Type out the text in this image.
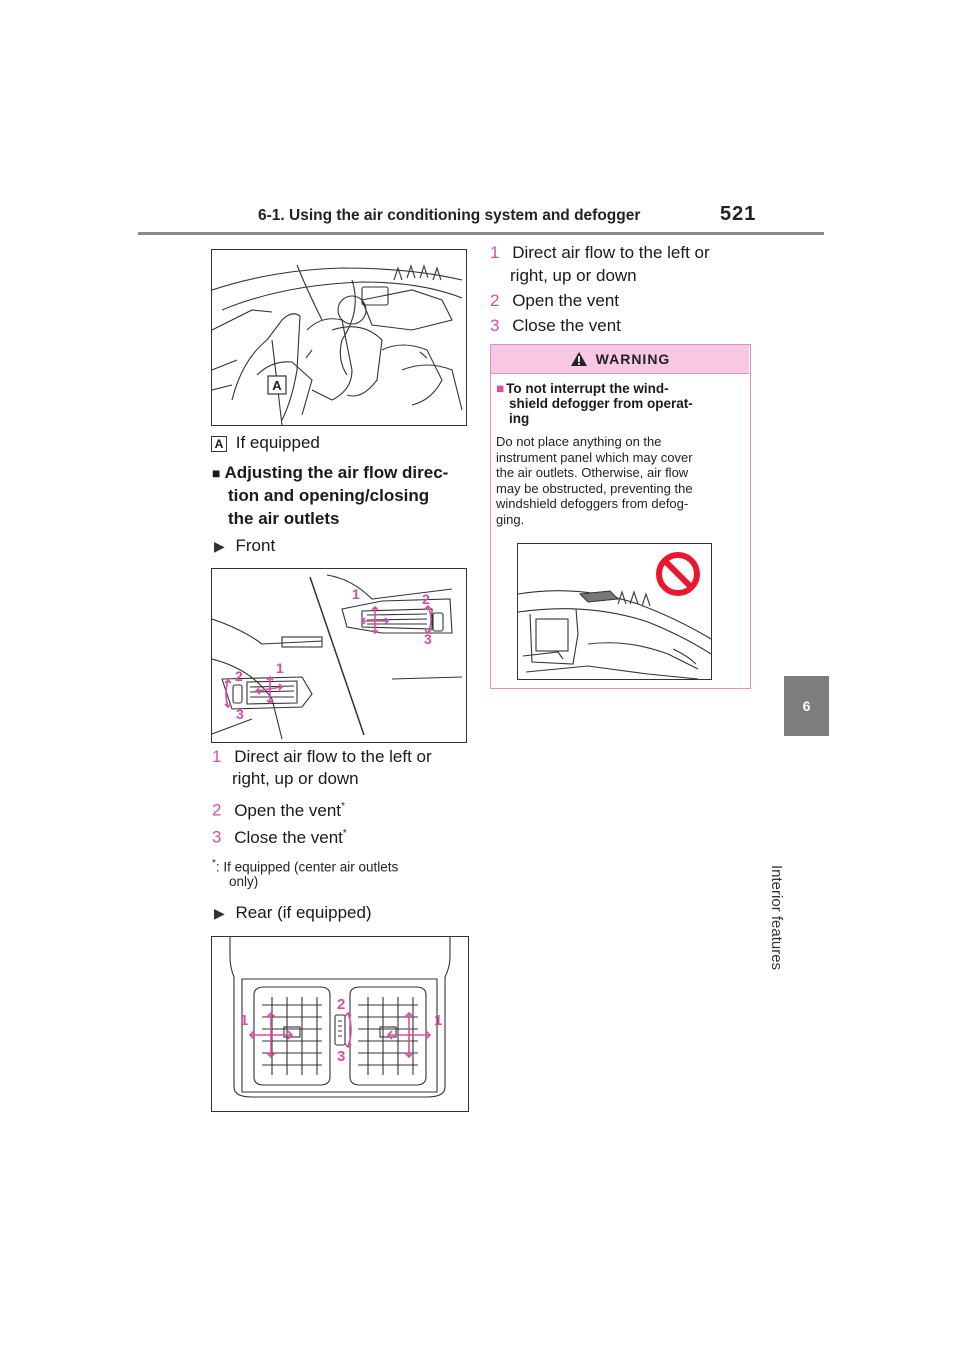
6-1. Using the air conditioning system and defogger	521
6
Interior features
A
A If equipped
■ Adjusting the air flow direc-
tion and opening/closing
the air outlets
▶ Front
1	2
3
2 1
3
1 Direct air flow to the left or
right, up or down
2 Open the vent*
3 Close the vent*
*: If equipped (center air outlets
only)
▶ Rear (if equipped)
1
2
3
1
1 Direct air flow to the left or
right, up or down
2 Open the vent
3 Close the vent
WARNING
■ To not interrupt the wind-
shield defogger from operat-
ing
Do not place anything on the
instrument panel which may cover
the air outlets. Otherwise, air flow
may be obstructed, preventing the
windshield defoggers from defog-
ging.
